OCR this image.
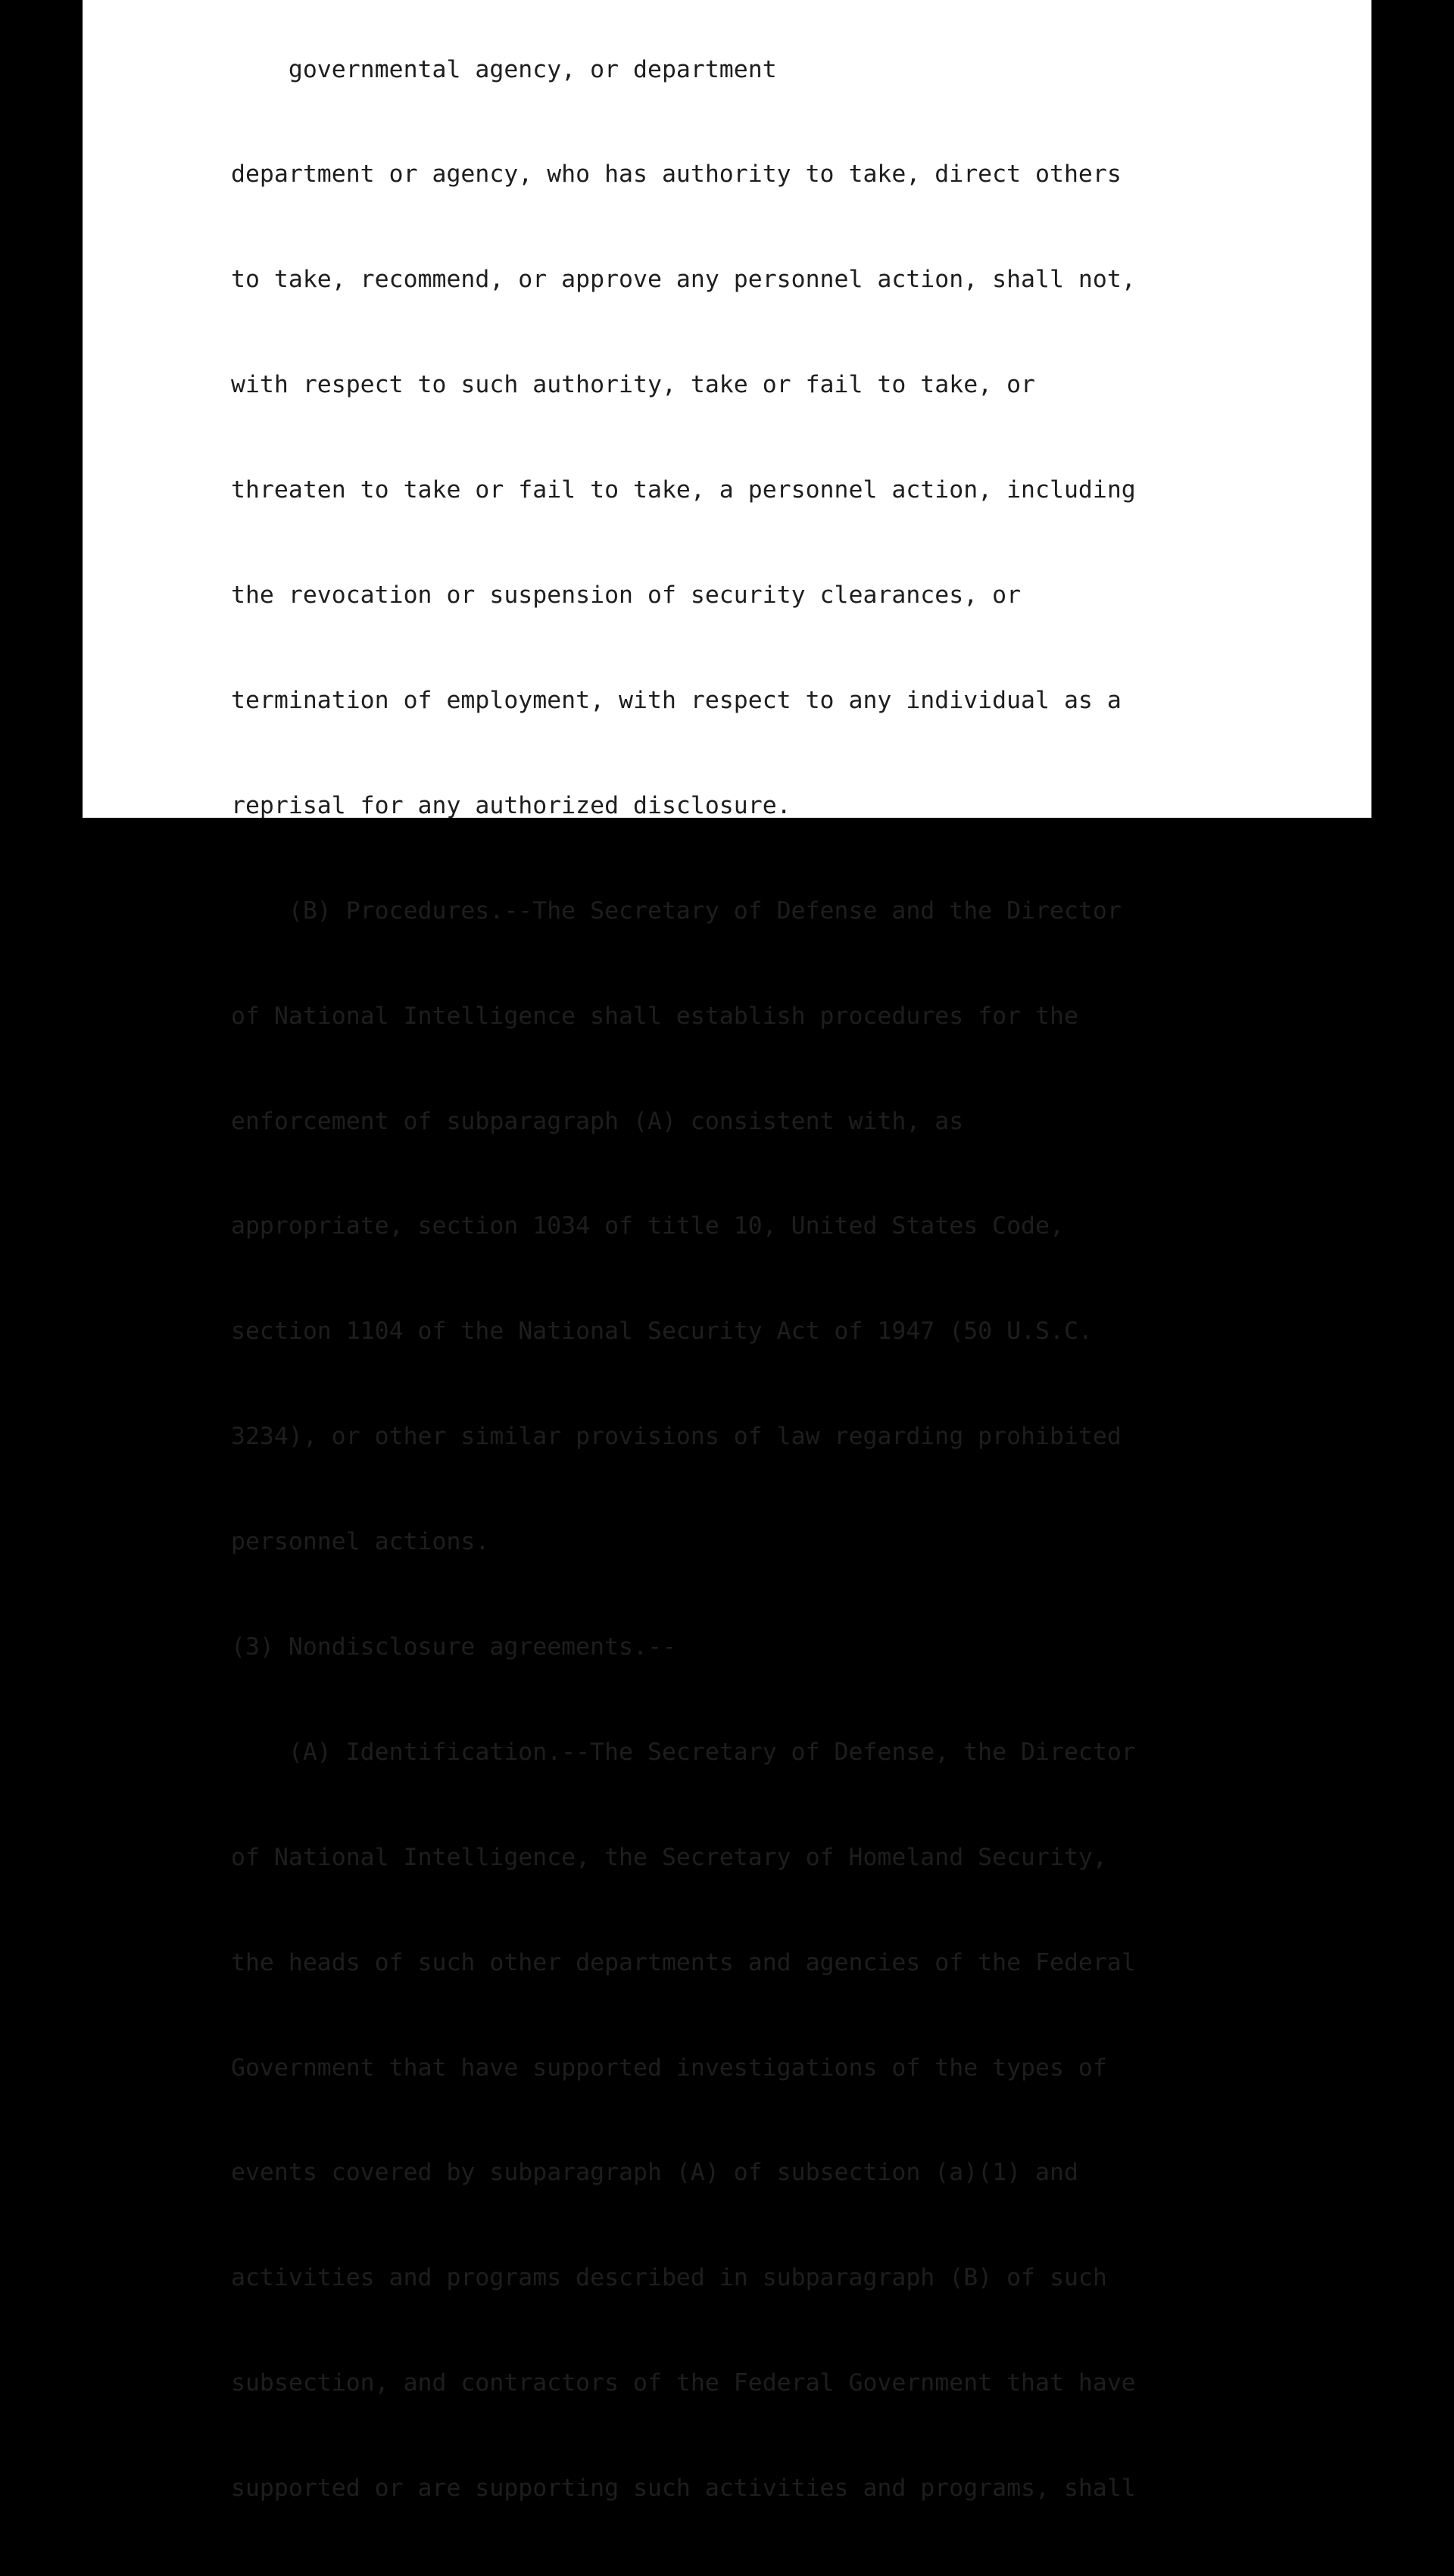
governmental agency, or department

department or agency, who has authority to take, direct others

to take, recommend, or approve any personnel action, shall not,

with respect to such authority, take or fail to take, or

threaten to take or fail to take, a personnel action, including

the revocation or suspension of security clearances, or

termination of employment, with respect to any individual as a

reprisal for any authorized disclosure.

(B) Procedures.--The Secretary of Defense and the Director

of National Intelligence shall establish procedures for the

enforcement of subparagraph (A) consistent with, as

appropriate, section 1034 of title 10, United States Code,

section 1104 of the National Security Act of 1947 (50 U.S.C.

3234), or other similar provisions of law regarding prohibited

personnel actions.

(3) Nondisclosure agreements.--

(A) Identification.--The Secretary of Defense, the Director

of National Intelligence, the Secretary of Homeland Security,

the heads of such other departments and agencies of the Federal

Government that have supported investigations of the types of

events covered by subparagraph (A) of subsection (a)(1) and

activities and programs described in subparagraph (B) of such

subsection, and contractors of the Federal Government that have

supported or are supporting such activities and programs, shall
